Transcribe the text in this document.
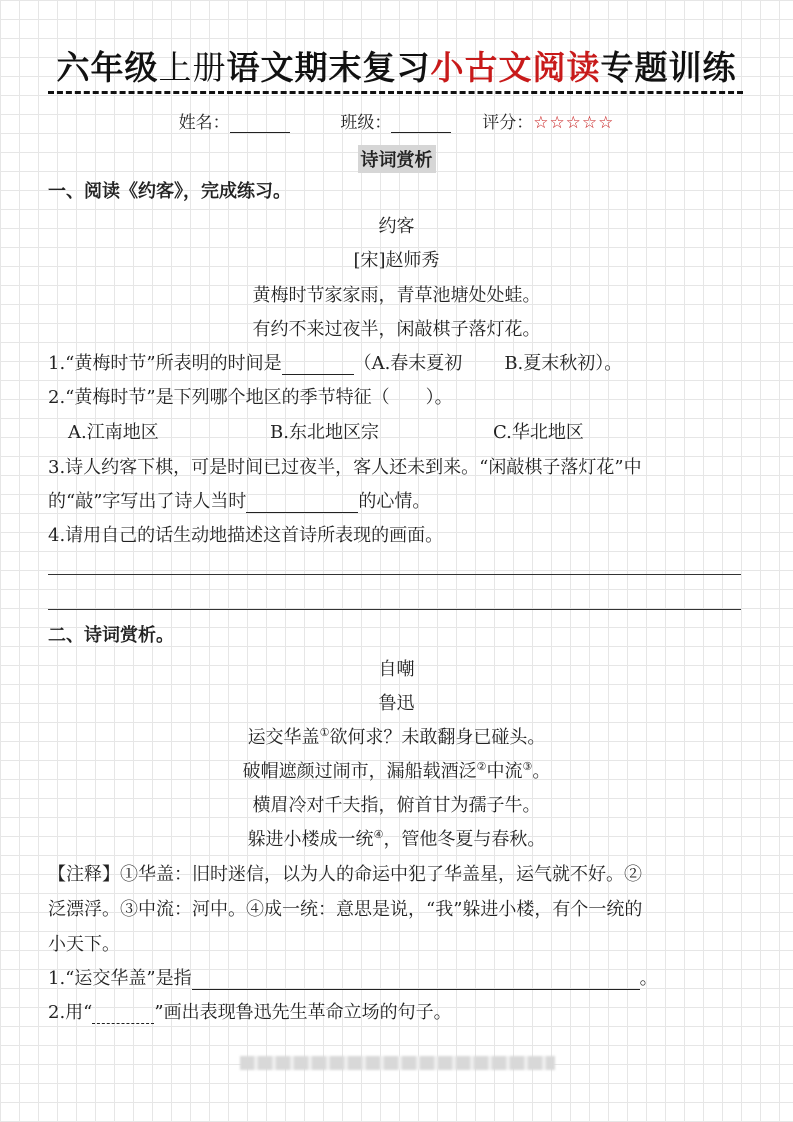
六年级上册语文期末复习小古文阅读专题训练
姓名：	班级：	评分：☆☆☆☆☆
诗词赏析
一、阅读《约客》，完成练习。
约客
[宋]赵师秀
黄梅时节家家雨，青草池塘处处蛙。
有约不来过夜半，闲敲棋子落灯花。
1.“黄梅时节”所表明的时间是	（A.春末夏初 B.夏末秋初）。
2.“黄梅时节”是下列哪个地区的季节特征（　　）。
A.江南地区	B.东北地区宗	C.华北地区
3.诗人约客下棋，可是时间已过夜半，客人还未到来。“闲敲棋子落灯花”中
的“敲”字写出了诗人当时	的心情。
4.请用自己的话生动地描述这首诗所表现的画面。
二、诗词赏析。
自嘲
鲁迅
运交华盖①欲何求？未敢翻身已碰头。
破帽遮颜过闹市，漏船载酒泛②中流③。
横眉冷对千夫指，俯首甘为孺子牛。
躲进小楼成一统④，管他冬夏与春秋。
【注释】①华盖：旧时迷信，以为人的命运中犯了华盖星，运气就不好。②
泛漂浮。③中流：河中。④成一统：意思是说，“我”躲进小楼，有个一统的
小天下。
1.“运交华盖”是指	。
2.用“	”画出表现鲁迅先生革命立场的句子。
